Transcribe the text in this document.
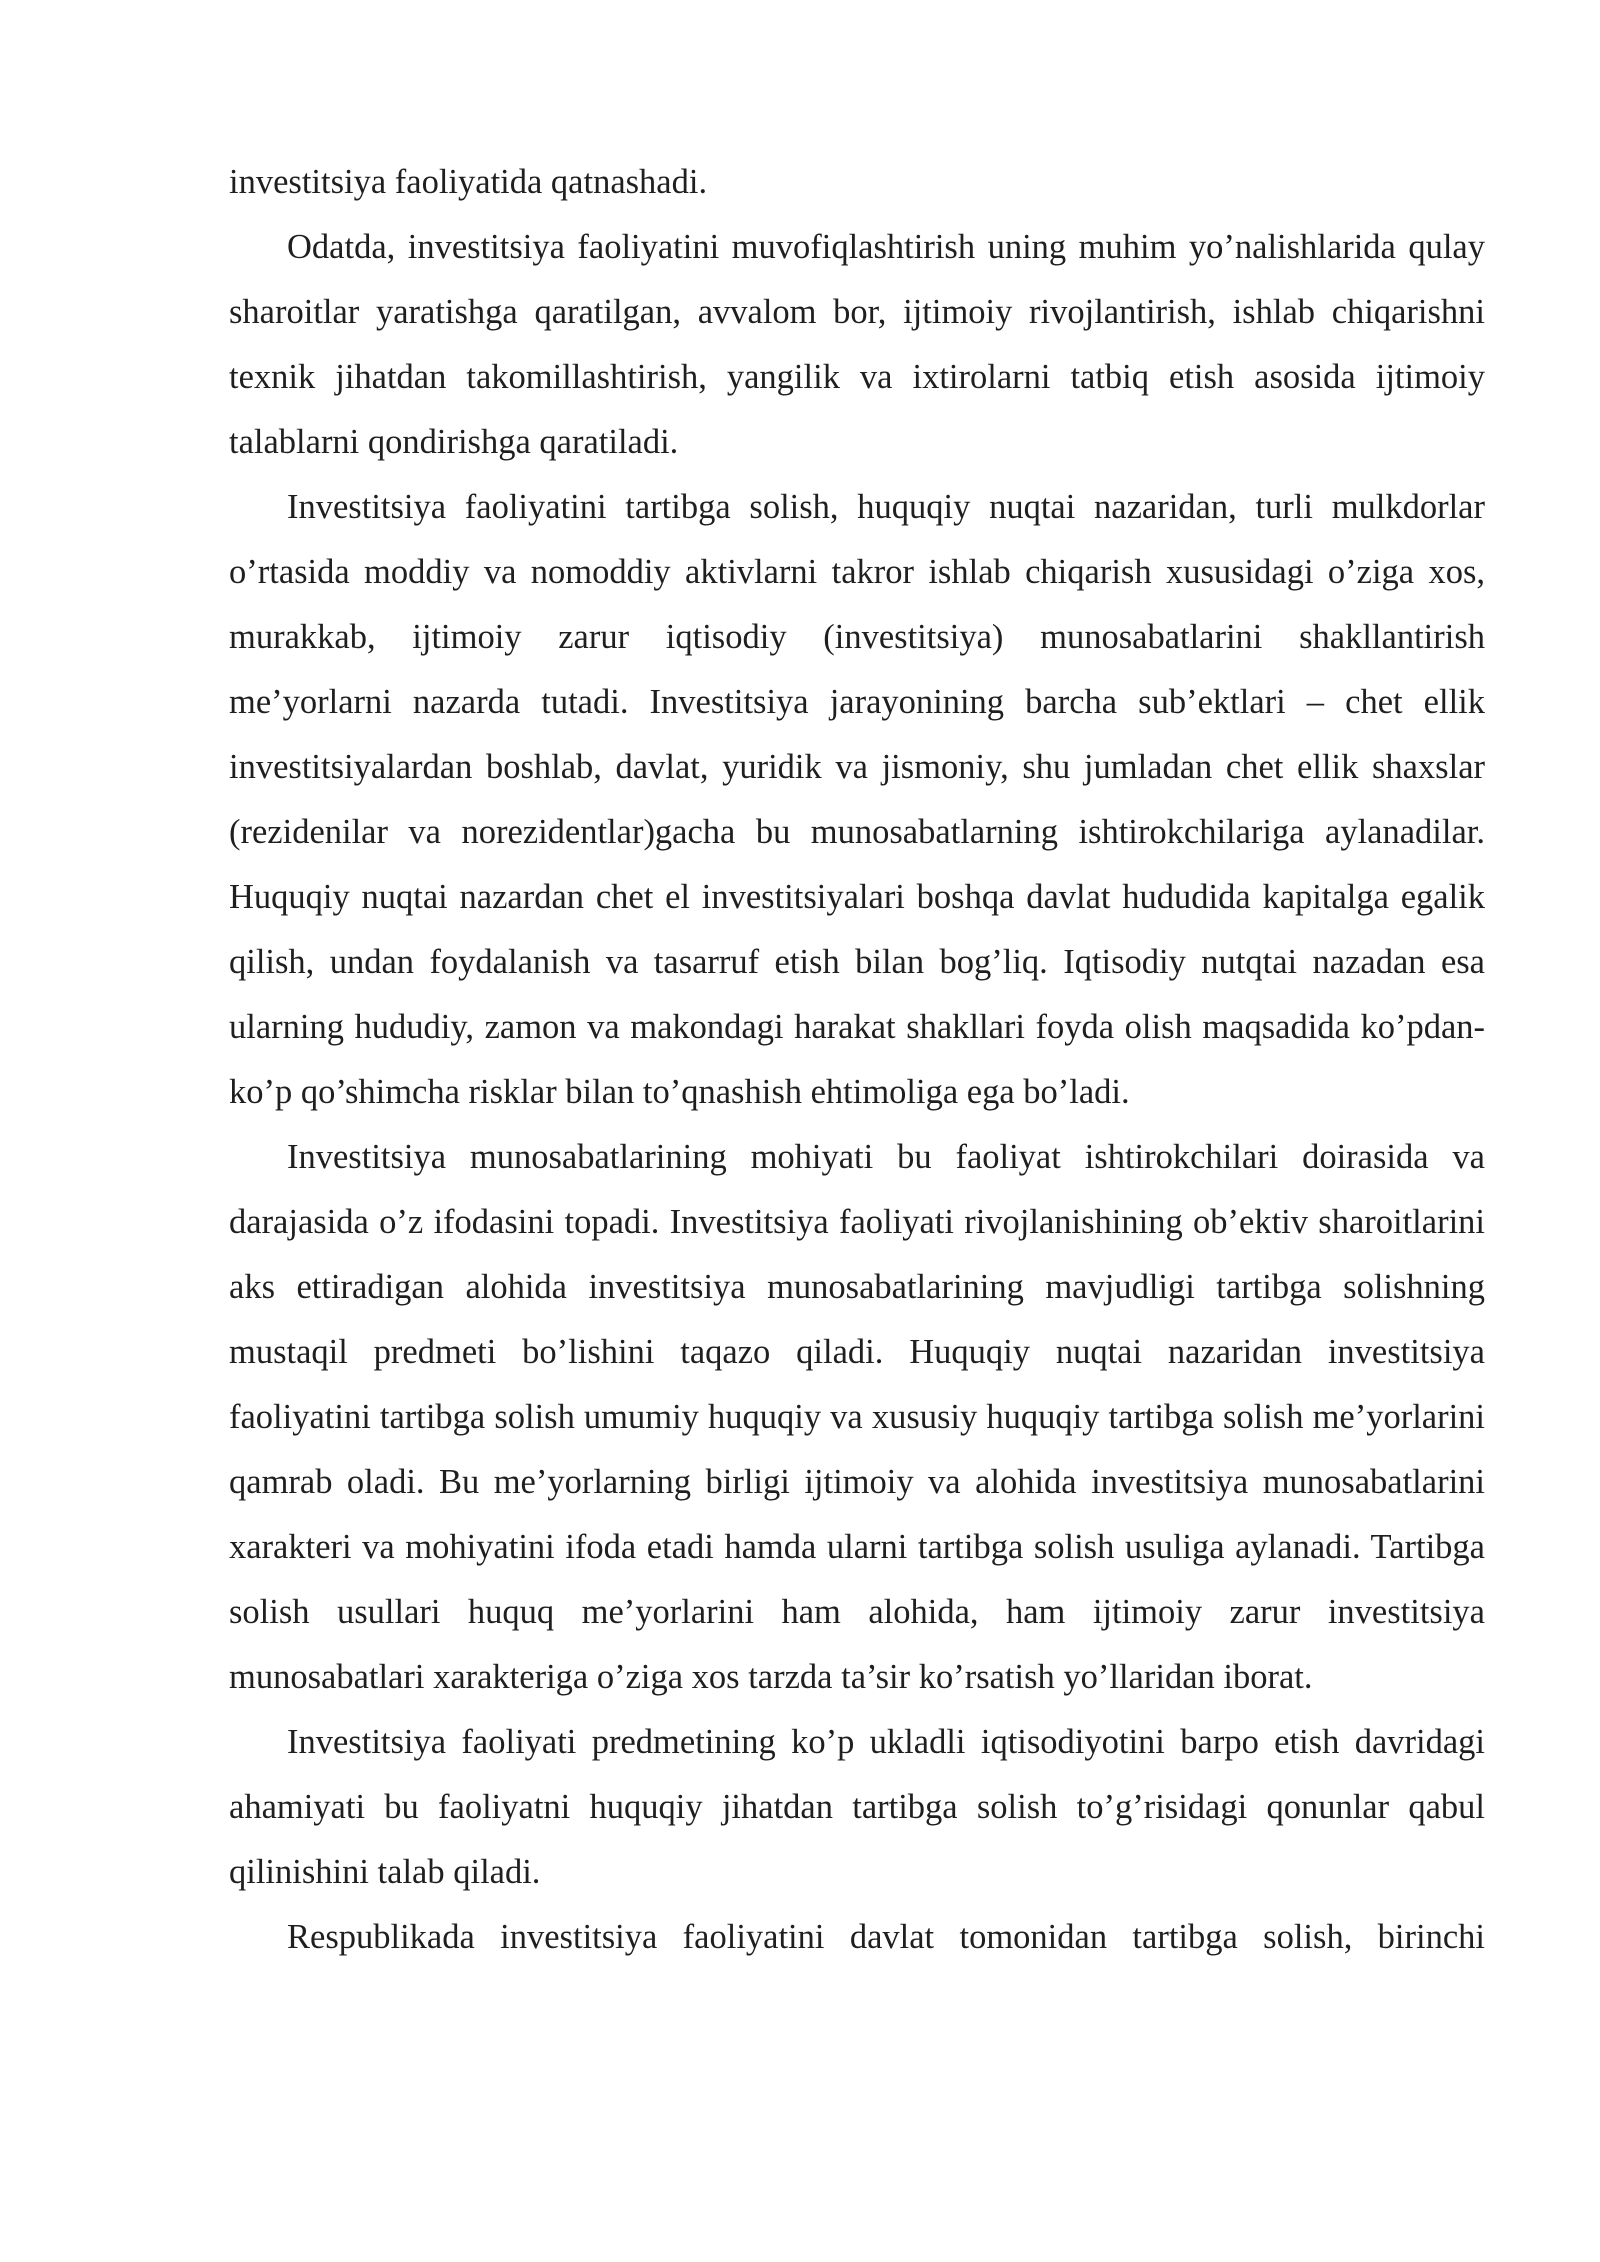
investitsiya faoliyatida qatnashadi.

Odatda, investitsiya faoliyatini muvofiqlashtirish uning muhim yo’nalishlarida qulay sharoitlar yaratishga qaratilgan, avvalom bor, ijtimoiy rivojlantirish, ishlab chiqarishni texnik jihatdan takomillashtirish, yangilik va ixtirolarni tatbiq etish asosida ijtimoiy talablarni qondirishga qaratiladi.

Investitsiya faoliyatini tartibga solish, huquqiy nuqtai nazaridan, turli mulkdorlar o’rtasida moddiy va nomoddiy aktivlarni takror ishlab chiqarish xususidagi o’ziga xos, murakkab, ijtimoiy zarur iqtisodiy (investitsiya) munosabatlarini shakllantirish me’yorlarni nazarda tutadi. Investitsiya jarayonining barcha sub’ektlari – chet ellik investitsiyalardan boshlab, davlat, yuridik va jismoniy, shu jumladan chet ellik shaxslar (rezidenilar va norezidentlar)gacha bu munosabatlarning ishtirokchilariga aylanadilar. Huquqiy nuqtai nazardan chet el investitsiyalari boshqa davlat hududida kapitalga egalik qilish, undan foydalanish va tasarruf etish bilan bog’liq. Iqtisodiy nutqtai nazadan esa ularning hududiy, zamon va makondagi harakat shakllari foyda olish maqsadida ko’pdan-ko’p qo’shimcha risklar bilan to’qnashish ehtimoliga ega bo’ladi.

Investitsiya munosabatlarining mohiyati bu faoliyat ishtirokchilari doirasida va darajasida o’z ifodasini topadi. Investitsiya faoliyati rivojlanishining ob’ektiv sharoitlarini aks ettiradigan alohida investitsiya munosabatlarining mavjudligi tartibga solishning mustaqil predmeti bo’lishini taqazo qiladi. Huquqiy nuqtai nazaridan investitsiya faoliyatini tartibga solish umumiy huquqiy va xususiy huquqiy tartibga solish me’yorlarini qamrab oladi. Bu me’yorlarning birligi ijtimoiy va alohida investitsiya munosabatlarini xarakteri va mohiyatini ifoda etadi hamda ularni tartibga solish usuliga aylanadi. Tartibga solish usullari huquq me’yorlarini ham alohida, ham ijtimoiy zarur investitsiya munosabatlari xarakteriga o’ziga xos tarzda ta’sir ko’rsatish yo’llaridan iborat.

Investitsiya faoliyati predmetining ko’p ukladli iqtisodiyotini barpo etish davridagi ahamiyati bu faoliyatni huquqiy jihatdan tartibga solish to’g’risidagi qonunlar qabul qilinishini talab qiladi.

Respublikada investitsiya faoliyatini davlat tomonidan tartibga solish, birinchi
